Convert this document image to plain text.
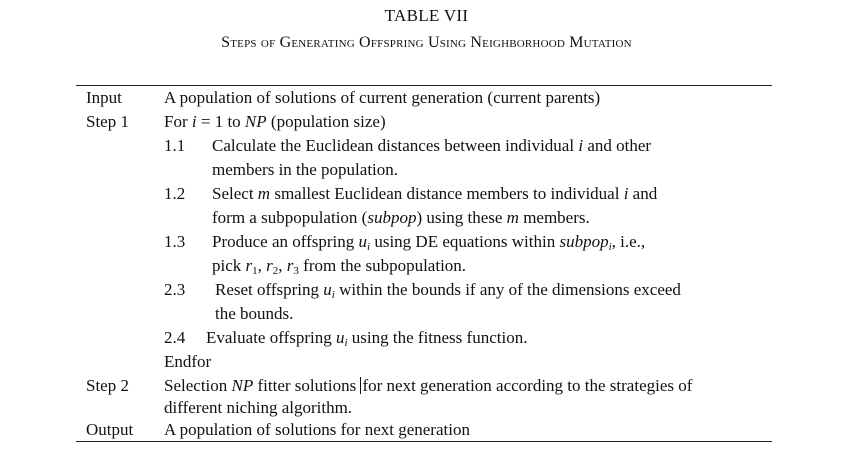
TABLE VII
Steps of Generating Offspring Using Neighborhood Mutation
Input A population of solutions of current generation (current parents)
Step 1 For i = 1 to NP (population size)
1.1 Calculate the Euclidean distances between individual i and other
members in the population.
1.2 Select m smallest Euclidean distance members to individual i and
form a subpopulation (subpop) using these m members.
1.3 Produce an offspring $u_i$ using DE equations within subpop$_i$, i.e.,
pick $r_1$, $r_2$, $r_3$ from the subpopulation.
2.3 Reset offspring $u_i$ within the bounds if any of the dimensions exceed
the bounds.
2.4 Evaluate offspring $u_i$ using the fitness function.
Endfor
Step 2 Selection NP fitter solutions for next generation according to the strategies of
different niching algorithm.
Output A population of solutions for next generation
